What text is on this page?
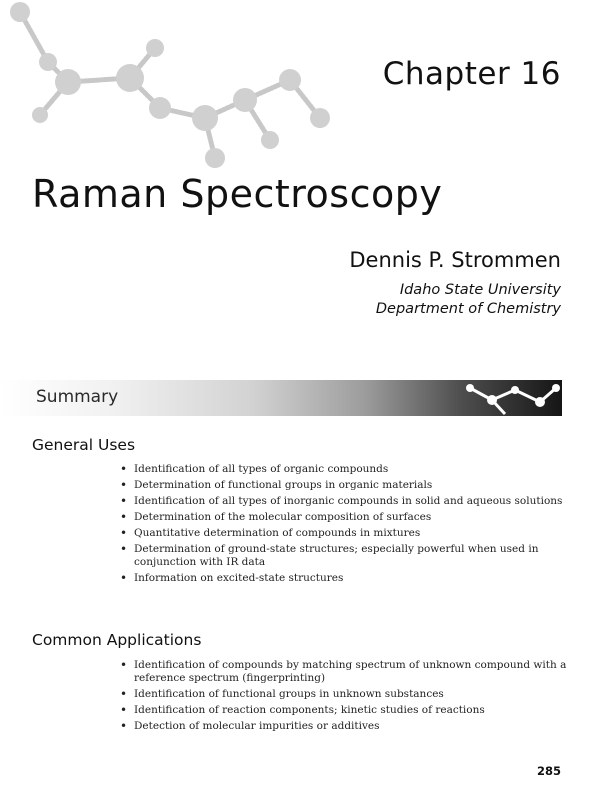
Chapter 16
Raman Spectroscopy
Dennis P. Strommen
Idaho State University
Department of Chemistry
Summary
General Uses
• Identification of all types of organic compounds
• Determination of functional groups in organic materials
• Identification of all types of inorganic compounds in solid and aqueous solutions
• Determination of the molecular composition of surfaces
• Quantitative determination of compounds in mixtures
• Determination of ground-state structures; especially powerful when used in conjunction with IR data
• Information on excited-state structures
Common Applications
• Identification of compounds by matching spectrum of unknown compound with a reference spectrum (fingerprinting)
• Identification of functional groups in unknown substances
• Identification of reaction components; kinetic studies of reactions
• Detection of molecular impurities or additives
285
